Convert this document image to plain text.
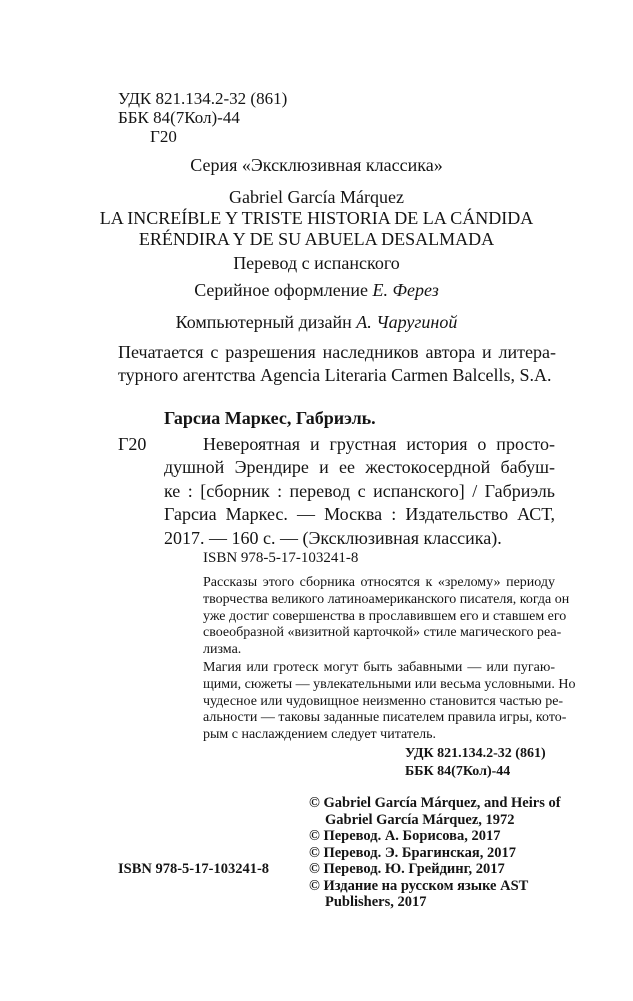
УДК 821.134.2-32 (861)
ББК 84(7Кол)-44
Г20
Серия «Эксклюзивная классика»
Gabriel García Márquez
LA INCREÍBLE Y TRISTE HISTORIA DE LA CÁNDIDA
ERÉNDIRA Y DE SU ABUELA DESALMADA
Перевод с испанского
Серийное оформление Е. Ферез
Компьютерный дизайн А. Чаругиной
Печатается с разрешения наследников автора и литера-
турного агентства Agencia Literaria Carmen Balcells, S.A.
Гарсиа Маркес, Габриэль.
Г20	Невероятная и грустная история о просто-
душной Эрендире и ее жестокосердной бабуш-
ке : [сборник : перевод с испанского] / Габриэль
Гарсиа Маркес. — Москва : Издательство АСТ,
2017. — 160 с. — (Эксклюзивная классика).
ISBN 978-5-17-103241-8
Рассказы этого сборника относятся к «зрелому» периоду
творчества великого латиноамериканского писателя, когда он
уже достиг совершенства в прославившем его и ставшем его
своеобразной «визитной карточкой» стиле магического реа-
лизма.
Магия или гротеск могут быть забавными — или пугаю-
щими, сюжеты — увлекательными или весьма условными. Но
чудесное или чудовищное неизменно становится частью ре-
альности — таковы заданные писателем правила игры, кото-
рым с наслаждением следует читатель.
УДК 821.134.2-32 (861)
ББК 84(7Кол)-44
© Gabriel García Márquez, and Heirs of
Gabriel García Márquez, 1972
© Перевод. А. Борисова, 2017
© Перевод. Э. Брагинская, 2017
© Перевод. Ю. Грейдинг, 2017
© Издание на русском языке AST
Publishers, 2017
ISBN 978-5-17-103241-8
